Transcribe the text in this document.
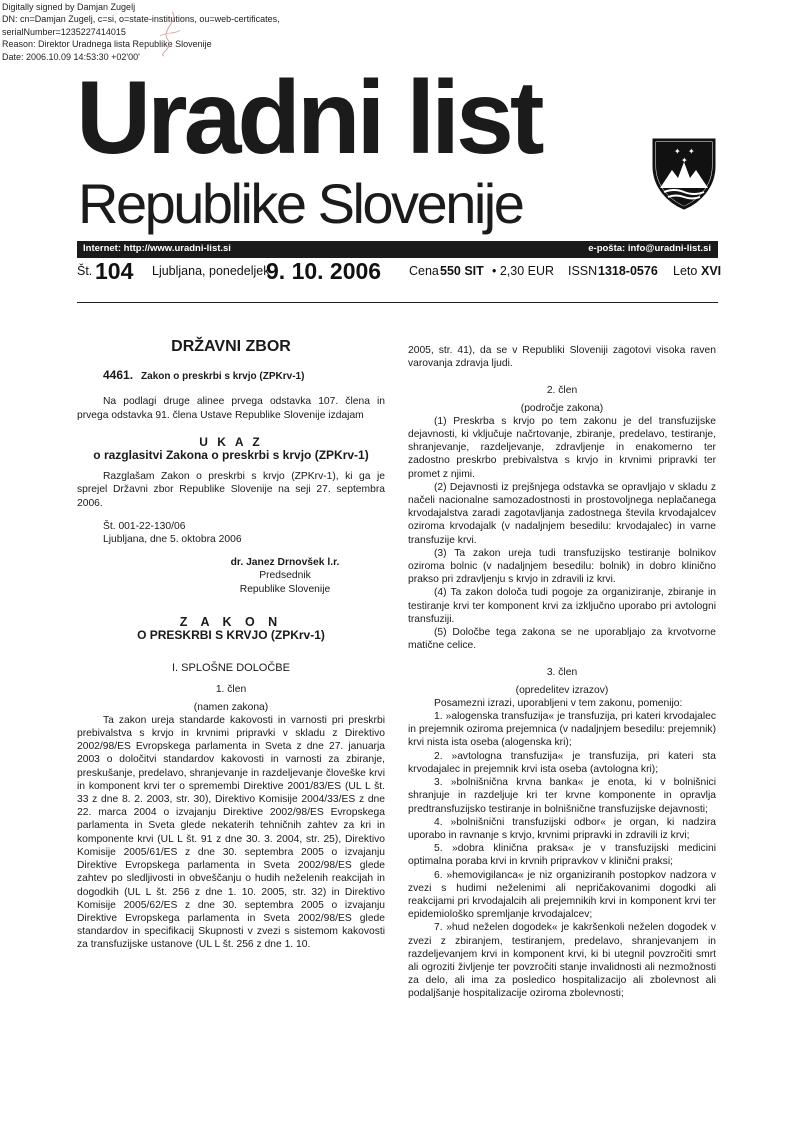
Digitally signed by Damjan Zugelj
DN: cn=Damjan Zugelj, c=si, o=state-institutions, ou=web-certificates,
serialNumber=1235227414015
Reason: Direktor Uradnega lista Republike Slovenije
Date: 2006.10.09 14:53:30 +02'00'
Uradni list
Republike Slovenije
✦ ✦
✦
Internet: http://www.uradni-list.si	e-pošta: info@uradni-list.si
Št. 104 Ljubljana, ponedeljek
9. 10. 2006 Cena 550 SIT • 2,30 EUR ISSN 1318-0576 Leto XVI
DRŽAVNI ZBOR
4461. Zakon o preskrbi s krvjo (ZPKrv-1)

Na podlagi druge alinee prvega odstavka 107. člena in prvega odstavka 91. člena Ustave Republike Slovenije izdajam

U K A Z
o razglasitvi Zakona o preskrbi s krvjo (ZPKrv-1)

Razglašam Zakon o preskrbi s krvjo (ZPKrv-1), ki ga je sprejel Državni zbor Republike Slovenije na seji 27. septembra 2006.

Št. 001-22-130/06

Ljubljana, dne 5. oktobra 2006

dr. Janez Drnovšek l.r.
Predsednik
Republike Slovenije
Z A K O N
O PRESKRBI S KRVJO (ZPKrv-1)
I. SPLOŠNE DOLOČBE
1. člen
(namen zakona)

Ta zakon ureja standarde kakovosti in varnosti pri preskrbi prebivalstva s krvjo in krvnimi pripravki v skladu z Direktivo 2002/98/ES Evropskega parlamenta in Sveta z dne 27. januarja 2003 o določitvi standardov kakovosti in varnosti za zbiranje, preskušanje, predelavo, shranjevanje in razdeljevanje človeške krvi in komponent krvi ter o spremembi Direktive 2001/83/ES (UL L št. 33 z dne 8. 2. 2003, str. 30), Direktivo Komisije 2004/33/ES z dne 22. marca 2004 o izvajanju Direktive 2002/98/ES Evropskega parlamenta in Sveta glede nekaterih tehničnih zahtev za kri in komponente krvi (UL L št. 91 z dne 30. 3. 2004, str. 25), Direktivo Komisije 2005/61/ES z dne 30. septembra 2005 o izvajanju Direktive Evropskega parlamenta in Sveta 2002/98/ES glede zahtev po sledljivosti in obveščanju o hudih neželenih reakcijah in dogodkih (UL L št. 256 z dne 1. 10. 2005, str. 32) in Direktivo Komisije 2005/62/ES z dne 30. septembra 2005 o izvajanju Direktive Evropskega parlamenta in Sveta 2002/98/ES glede standardov in specifikacij Skupnosti v zvezi s sistemom kakovosti za transfuzijske ustanove (UL L št. 256 z dne 1. 10.

2005, str. 41), da se v Republiki Sloveniji zagotovi visoka raven varovanja zdravja ljudi.

2. člen
(področje zakona)

(1) Preskrba s krvjo po tem zakonu je del transfuzijske dejavnosti, ki vključuje načrtovanje, zbiranje, predelavo, testiranje, shranjevanje, razdeljevanje, zdravljenje in enakomerno ter zadostno preskrbo prebivalstva s krvjo in krvnimi pripravki ter promet z njimi.

(2) Dejavnosti iz prejšnjega odstavka se opravljajo v skladu z načeli nacionalne samozadostnosti in prostovoljnega neplačanega krvodajalstva zaradi zagotavljanja zadostnega števila krvodajalcev oziroma krvodajalk (v nadaljnjem besedilu: krvodajalec) in varne transfuzije krvi.

(3) Ta zakon ureja tudi transfuzijsko testiranje bolnikov oziroma bolnic (v nadaljnjem besedilu: bolnik) in dobro klinično prakso pri zdravljenju s krvjo in zdravili iz krvi.

(4) Ta zakon določa tudi pogoje za organiziranje, zbiranje in testiranje krvi ter komponent krvi za izključno uporabo pri avtologni transfuziji.

(5) Določbe tega zakona se ne uporabljajo za krvotvorne matične celice.

3. člen
(opredelitev izrazov)

Posamezni izrazi, uporabljeni v tem zakonu, pomenijo:

1. »alogenska transfuzija« je transfuzija, pri kateri krvodajalec in prejemnik oziroma prejemnica (v nadaljnjem besedilu: prejemnik) krvi nista ista oseba (alogenska kri);

2. »avtologna transfuzija« je transfuzija, pri kateri sta krvodajalec in prejemnik krvi ista oseba (avtologna kri);

3. »bolnišnična krvna banka« je enota, ki v bolnišnici shranjuje in razdeljuje kri ter krvne komponente in opravlja predtransfuzijsko testiranje in bolnišnične transfuzijske dejavnosti;

4. »bolnišnični transfuzijski odbor« je organ, ki nadzira uporabo in ravnanje s krvjo, krvnimi pripravki in zdravili iz krvi;

5. »dobra klinična praksa« je v transfuzijski medicini optimalna poraba krvi in krvnih pripravkov v klinični praksi;

6. »hemovigilanca« je niz organiziranih postopkov nadzora v zvezi s hudimi neželenimi ali nepričakovanimi dogodki ali reakcijami pri krvodajalcih ali prejemnikih krvi in komponent krvi ter epidemiološko spremljanje krvodajalcev;

7. »hud neželen dogodek« je kakršenkoli neželen dogodek v zvezi z zbiranjem, testiranjem, predelavo, shranjevanjem in razdeljevanjem krvi in komponent krvi, ki bi utegnil povzročiti smrt ali ogroziti življenje ter povzročiti stanje invalidnosti ali nezmožnosti za delo, ali ima za posledico hospitalizacijo ali zbolevnost ali podaljšanje hospitalizacije oziroma zbolevnosti;
